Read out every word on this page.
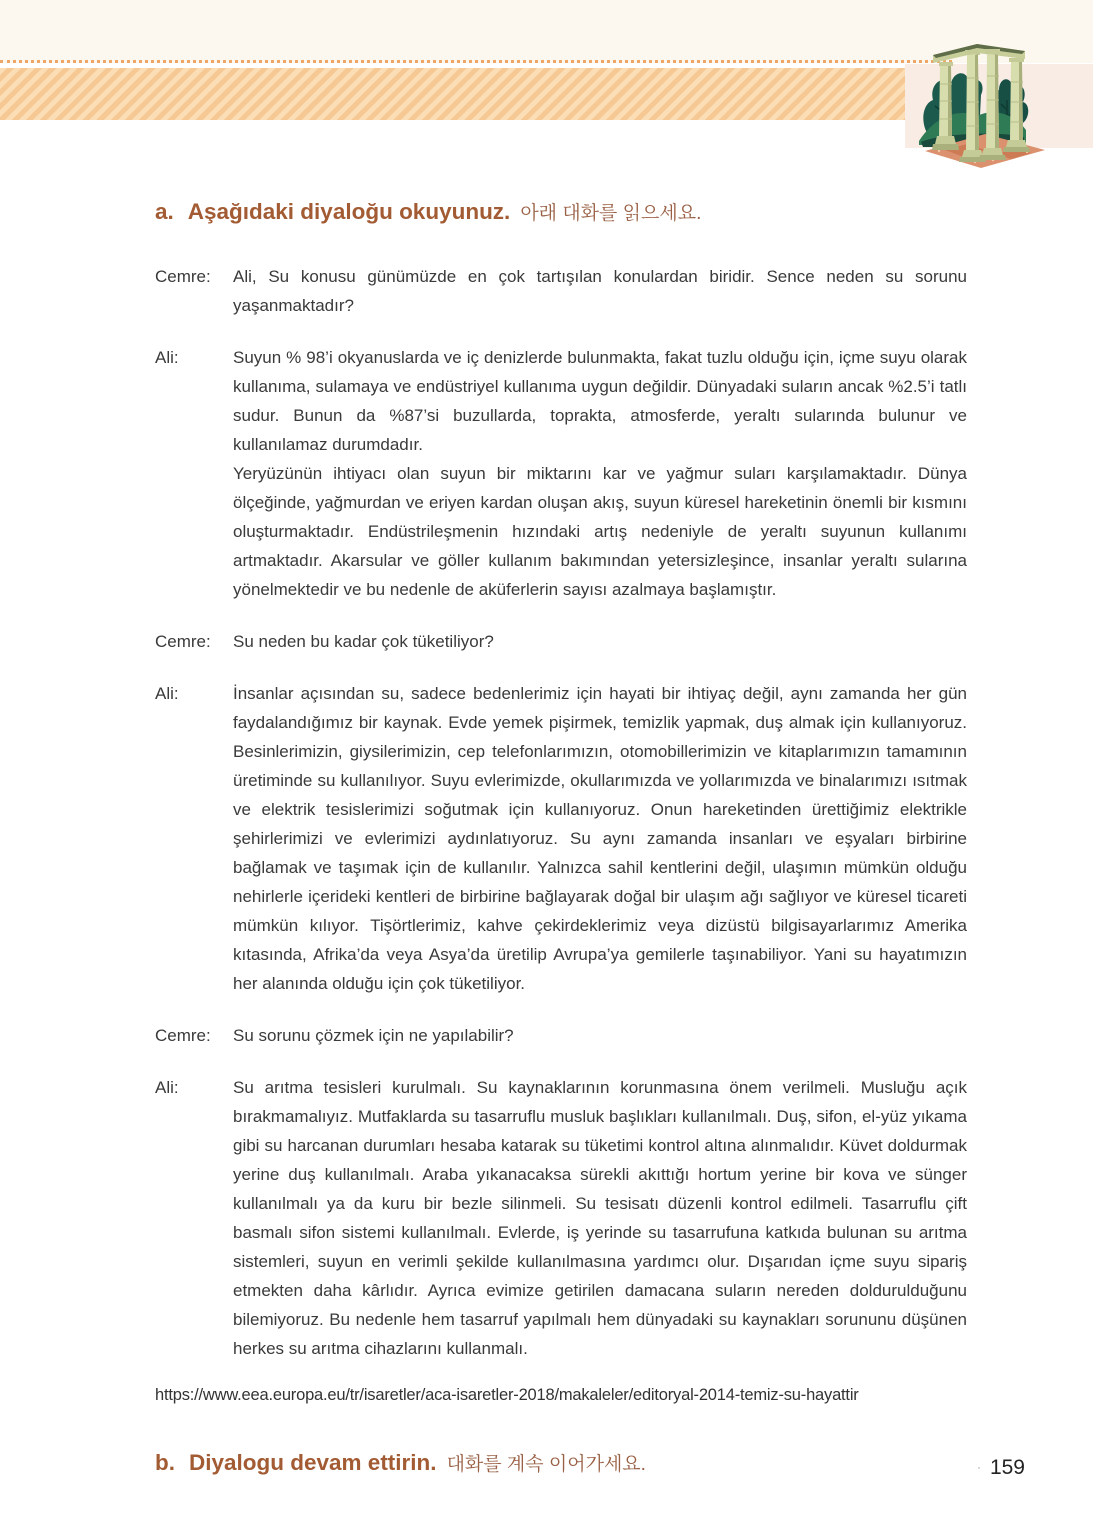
a. Aşağıdaki diyaloğu okuyunuz. 아래 대화를 읽으세요.
Cemre:	Ali, Su konusu günümüzde en çok tartışılan konulardan biridir. Sence neden su sorunu yaşanmaktadır?

Ali:	Suyun % 98’i okyanuslarda ve iç denizlerde bulunmakta, fakat tuzlu olduğu için, içme suyu olarak kullanıma, sulamaya ve endüstriyel kullanıma uygun değildir. Dünyadaki suların ancak %2.5’i tatlı sudur. Bunun da %87’si buzullarda, toprakta, atmosferde, yeraltı sularında bulunur ve kullanılamaz durumdadır.

Yeryüzünün ihtiyacı olan suyun bir miktarını kar ve yağmur suları karşılamaktadır. Dünya ölçeğinde, yağmurdan ve eriyen kardan oluşan akış, suyun küresel hareketinin önemli bir kısmını oluşturmaktadır. Endüstrileşmenin hızındaki artış nedeniyle de yeraltı suyunun kullanımı artmaktadır. Akarsular ve göller kullanım bakımından yetersizleşince, insanlar yeraltı sularına yönelmektedir ve bu nedenle de aküferlerin sayısı azalmaya başlamıştır.

Cemre:	Su neden bu kadar çok tüketiliyor?

Ali:	İnsanlar açısından su, sadece bedenlerimiz için hayati bir ihtiyaç değil, aynı zamanda her gün faydalandığımız bir kaynak. Evde yemek pişirmek, temizlik yapmak, duş almak için kullanıyoruz. Besinlerimizin, giysilerimizin, cep telefonlarımızın, otomobillerimizin ve kitaplarımızın tamamının üretiminde su kullanılıyor. Suyu evlerimizde, okullarımızda ve yollarımızda ve binalarımızı ısıtmak ve elektrik tesislerimizi soğutmak için kullanıyoruz. Onun hareketinden ürettiğimiz elektrikle şehirlerimizi ve evlerimizi aydınlatıyoruz. Su aynı zamanda insanları ve eşyaları birbirine bağlamak ve taşımak için de kullanılır. Yalnızca sahil kentlerini değil, ulaşımın mümkün olduğu nehirlerle içerideki kentleri de birbirine bağlayarak doğal bir ulaşım ağı sağlıyor ve küresel ticareti mümkün kılıyor. Tişörtlerimiz, kahve çekirdeklerimiz veya dizüstü bilgisayarlarımız Amerika kıtasında, Afrika’da veya Asya’da üretilip Avrupa’ya gemilerle taşınabiliyor. Yani su hayatımızın her alanında olduğu için çok tüketiliyor.

Cemre:	Su sorunu çözmek için ne yapılabilir?

Ali:	Su arıtma tesisleri kurulmalı. Su kaynaklarının korunmasına önem verilmeli. Musluğu açık bırakmamalıyız. Mutfaklarda su tasarruflu musluk başlıkları kullanılmalı. Duş, sifon, el-yüz yıkama gibi su harcanan durumları hesaba katarak su tüketimi kontrol altına alınmalıdır. Küvet doldurmak yerine duş kullanılmalı. Araba yıkanacaksa sürekli akıttığı hortum yerine bir kova ve sünger kullanılmalı ya da kuru bir bezle silinmeli. Su tesisatı düzenli kontrol edilmeli. Tasarruflu çift basmalı sifon sistemi kullanılmalı. Evlerde, iş yerinde su tasarrufuna katkıda bulunan su arıtma sistemleri, suyun en verimli şekilde kullanılmasına yardımcı olur. Dışarıdan içme suyu sipariş etmekten daha kârlıdır. Ayrıca evimize getirilen damacana suların nereden doldurulduğunu bilemiyoruz. Bu nedenle hem tasarruf yapılmalı hem dünyadaki su kaynakları sorununu düşünen herkes su arıtma cihazlarını kullanmalı.

https://www.eea.europa.eu/tr/isaretler/aca-isaretler-2018/makaleler/editoryal-2014-temiz-su-hayattir
b. Diyalogu devam ettirin. 대화를 계속 이어가세요.	· 159
